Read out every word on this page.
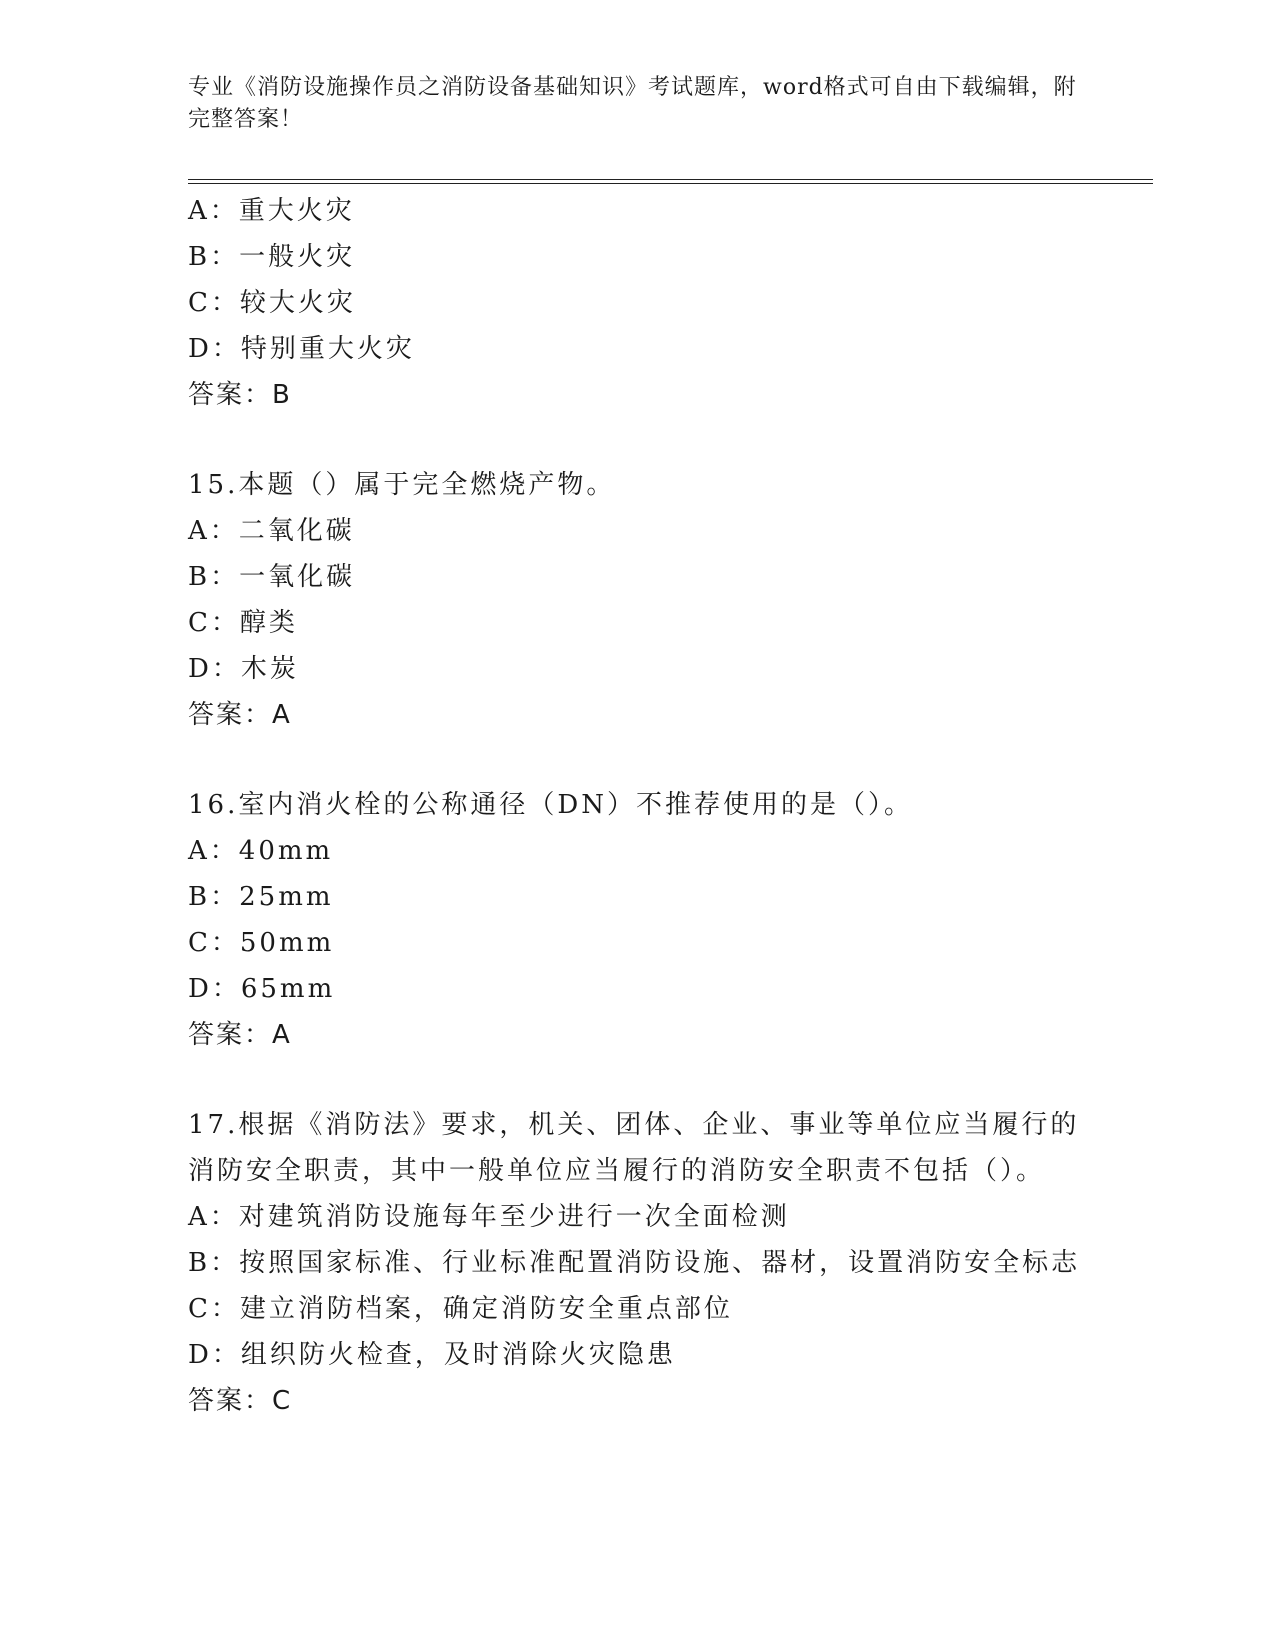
专业《消防设施操作员之消防设备基础知识》考试题库，word格式可自由下载编辑，附完整答案！
A：重大火灾
B：一般火灾
C：较大火灾
D：特别重大火灾
答案：B
15.本题（）属于完全燃烧产物。
A：二氧化碳
B：一氧化碳
C：醇类
D：木炭
答案：A
16.室内消火栓的公称通径（DN）不推荐使用的是（）。
A：40mm
B：25mm
C：50mm
D：65mm
答案：A
17.根据《消防法》要求，机关、团体、企业、事业等单位应当履行的消防安全职责，其中一般单位应当履行的消防安全职责不包括（）。
A：对建筑消防设施每年至少进行一次全面检测
B：按照国家标准、行业标准配置消防设施、器材，设置消防安全标志
C：建立消防档案，确定消防安全重点部位
D：组织防火检查，及时消除火灾隐患
答案：C
